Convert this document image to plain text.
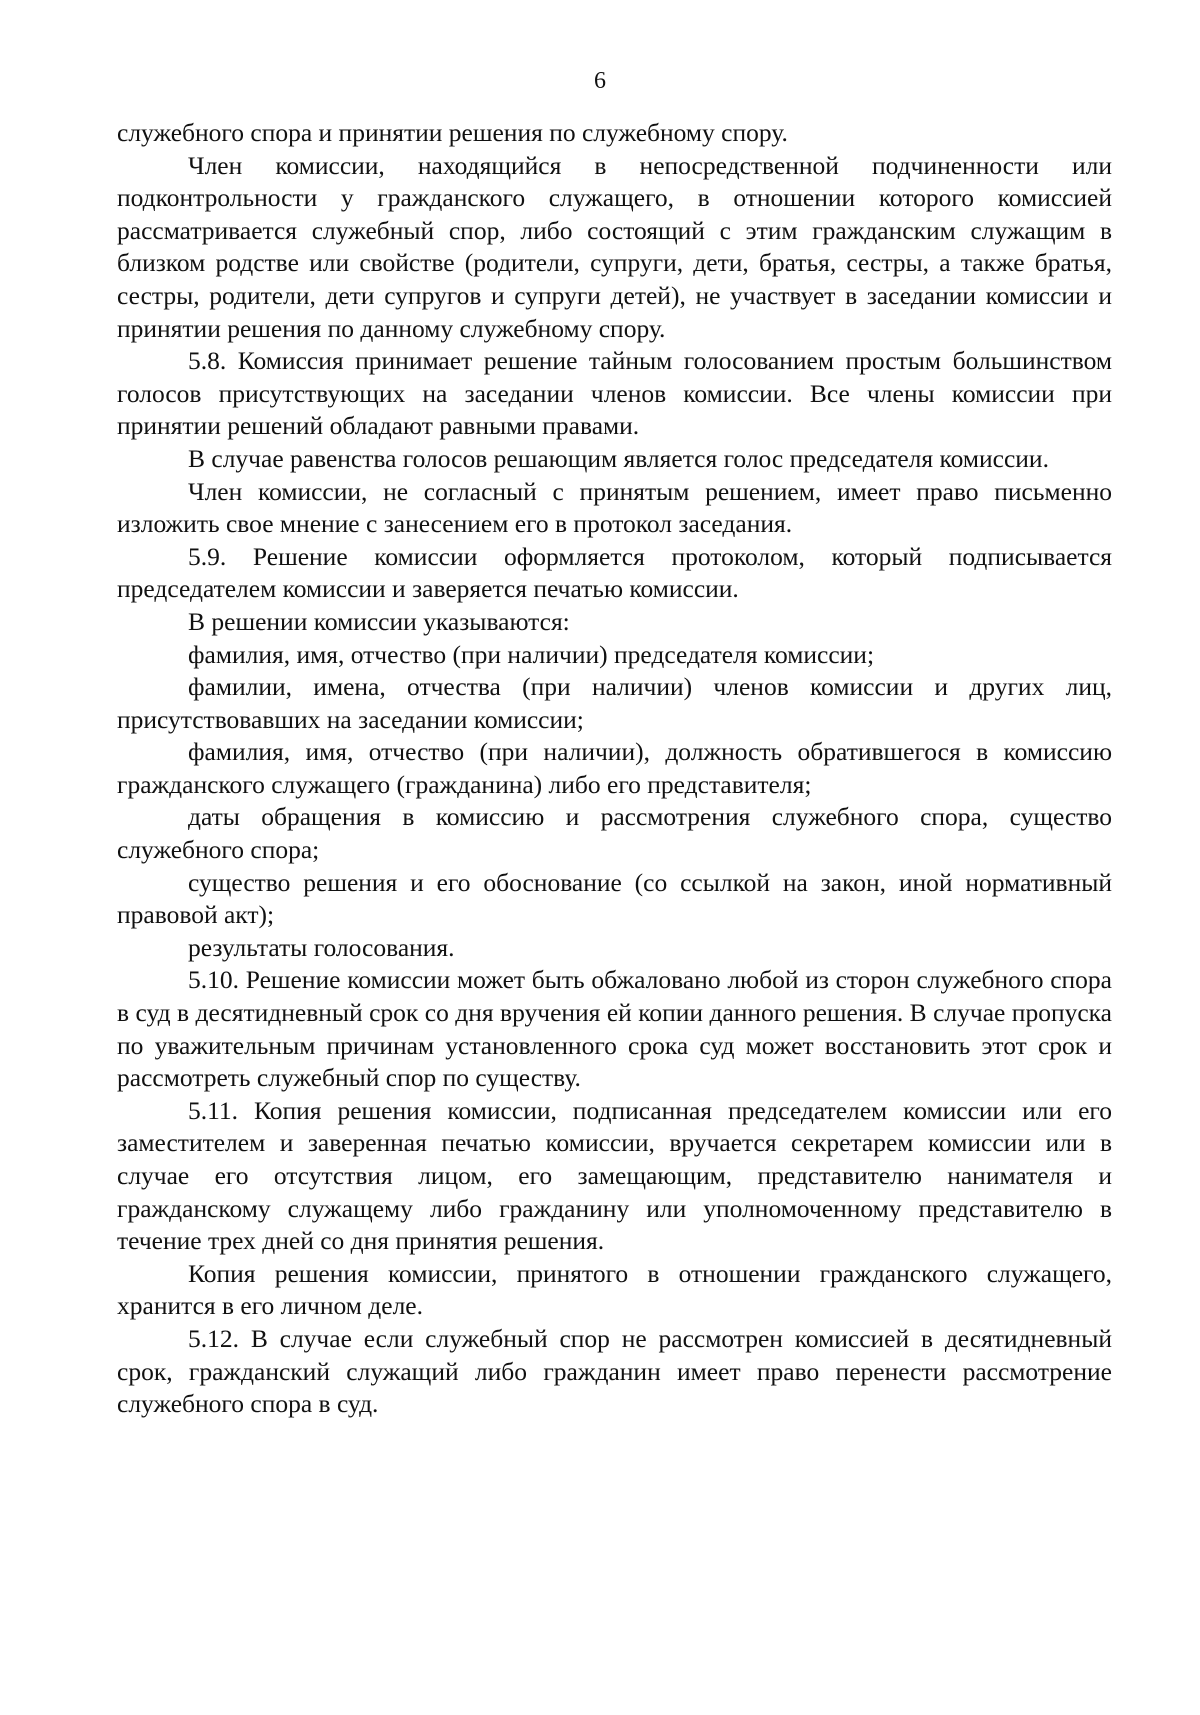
6

служебного спора и принятии решения по служебному спору.

Член комиссии, находящийся в непосредственной подчиненности или подконтрольности у гражданского служащего, в отношении которого комиссией рассматривается служебный спор, либо состоящий с этим гражданским служащим в близком родстве или свойстве (родители, супруги, дети, братья, сестры, а также братья, сестры, родители, дети супругов и супруги детей), не участвует в заседании комиссии и принятии решения по данному служебному спору.

5.8. Комиссия принимает решение тайным голосованием простым большинством голосов присутствующих на заседании членов комиссии. Все члены комиссии при принятии решений обладают равными правами.

В случае равенства голосов решающим является голос председателя комиссии.

Член комиссии, не согласный с принятым решением, имеет право письменно изложить свое мнение с занесением его в протокол заседания.

5.9. Решение комиссии оформляется протоколом, который подписывается председателем комиссии и заверяется печатью комиссии.

В решении комиссии указываются:

фамилия, имя, отчество (при наличии) председателя комиссии;

фамилии, имена, отчества (при наличии) членов комиссии и других лиц, присутствовавших на заседании комиссии;

фамилия, имя, отчество (при наличии), должность обратившегося в комиссию гражданского служащего (гражданина) либо его представителя;

даты обращения в комиссию и рассмотрения служебного спора, существо служебного спора;

существо решения и его обоснование (со ссылкой на закон, иной нормативный правовой акт);

результаты голосования.

5.10. Решение комиссии может быть обжаловано любой из сторон служебного спора в суд в десятидневный срок со дня вручения ей копии данного решения. В случае пропуска по уважительным причинам установленного срока суд может восстановить этот срок и рассмотреть служебный спор по существу.

5.11. Копия решения комиссии, подписанная председателем комиссии или его заместителем и заверенная печатью комиссии, вручается секретарем комиссии или в случае его отсутствия лицом, его замещающим, представителю нанимателя и гражданскому служащему либо гражданину или уполномоченному представителю в течение трех дней со дня принятия решения.

Копия решения комиссии, принятого в отношении гражданского служащего, хранится в его личном деле.

5.12. В случае если служебный спор не рассмотрен комиссией в десятидневный срок, гражданский служащий либо гражданин имеет право перенести рассмотрение служебного спора в суд.
